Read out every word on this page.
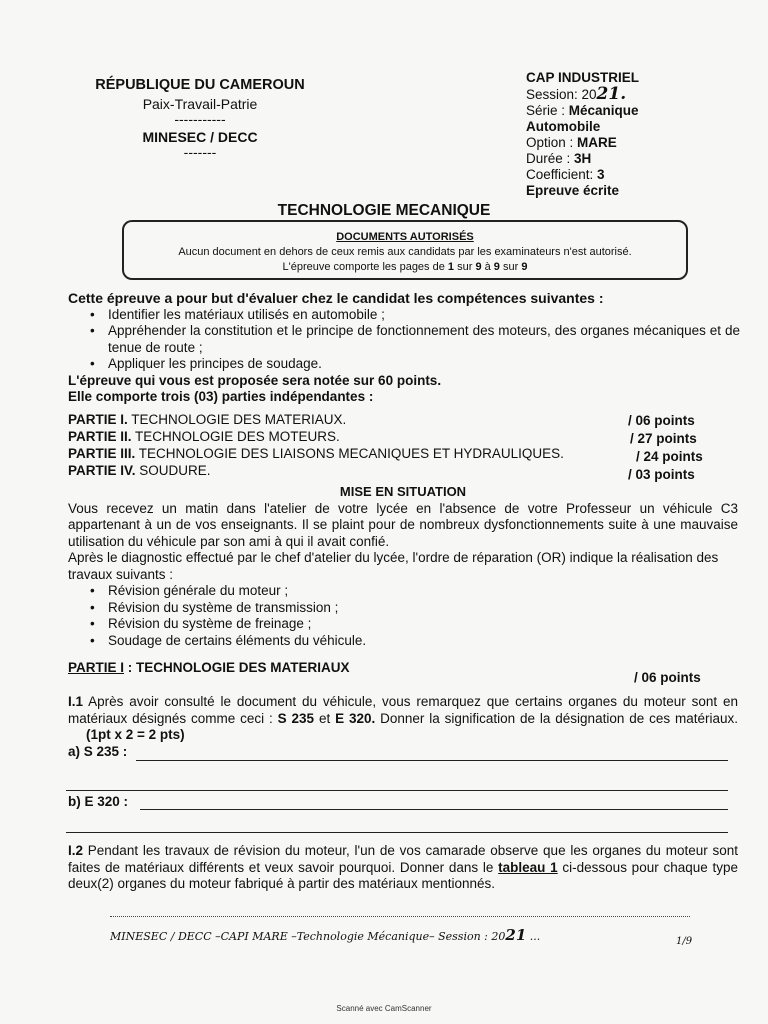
RÉPUBLIQUE DU CAMEROUN
Paix-Travail-Patrie
-----------
MINESEC / DECC
-------
CAP INDUSTRIEL
Session: 2021.
Série : Mécanique
Automobile
Option : MARE
Durée : 3H
Coefficient: 3
Epreuve écrite
TECHNOLOGIE MECANIQUE
DOCUMENTS AUTORISÉS
Aucun document en dehors de ceux remis aux candidats par les examinateurs n'est autorisé.
L'épreuve comporte les pages de 1 sur 9 à 9 sur 9
Cette épreuve a pour but d'évaluer chez le candidat les compétences suivantes :
• Identifier les matériaux utilisés en automobile ;
• Appréhender la constitution et le principe de fonctionnement des moteurs, des organes mécaniques et de tenue de route ;
• Appliquer les principes de soudage.
L'épreuve qui vous est proposée sera notée sur 60 points.
Elle comporte trois (03) parties indépendantes :
PARTIE I. TECHNOLOGIE DES MATERIAUX.	/ 06 points
PARTIE II. TECHNOLOGIE DES MOTEURS.	/ 27 points
PARTIE III. TECHNOLOGIE DES LIAISONS MECANIQUES ET HYDRAULIQUES.	/ 24 points
PARTIE IV. SOUDURE.	/ 03 points
MISE EN SITUATION
Vous recevez un matin dans l'atelier de votre lycée en l'absence de votre Professeur un véhicule C3 appartenant à un de vos enseignants. Il se plaint pour de nombreux dysfonctionnements suite à une mauvaise utilisation du véhicule par son ami à qui il avait confié.
Après le diagnostic effectué par le chef d'atelier du lycée, l'ordre de réparation (OR) indique la réalisation des travaux suivants :
• Révision générale du moteur ;
• Révision du système de transmission ;
• Révision du système de freinage ;
• Soudage de certains éléments du véhicule.
PARTIE I : TECHNOLOGIE DES MATERIAUX
/ 06 points
I.1 Après avoir consulté le document du véhicule, vous remarquez que certains organes du moteur sont en matériaux désignés comme ceci : S 235 et E 320. Donner la signification de la désignation de ces matériaux. (1pt x 2 = 2 pts)
a) S 235 :
b) E 320 :
I.2 Pendant les travaux de révision du moteur, l'un de vos camarade observe que les organes du moteur sont faites de matériaux différents et veux savoir pourquoi. Donner dans le tableau 1 ci-dessous pour chaque type deux(2) organes du moteur fabriqué à partir des matériaux mentionnés.
MINESEC / DECC –CAPI MARE –Technologie Mécanique– Session : 2021 ...	1/9
Scanné avec CamScanner
